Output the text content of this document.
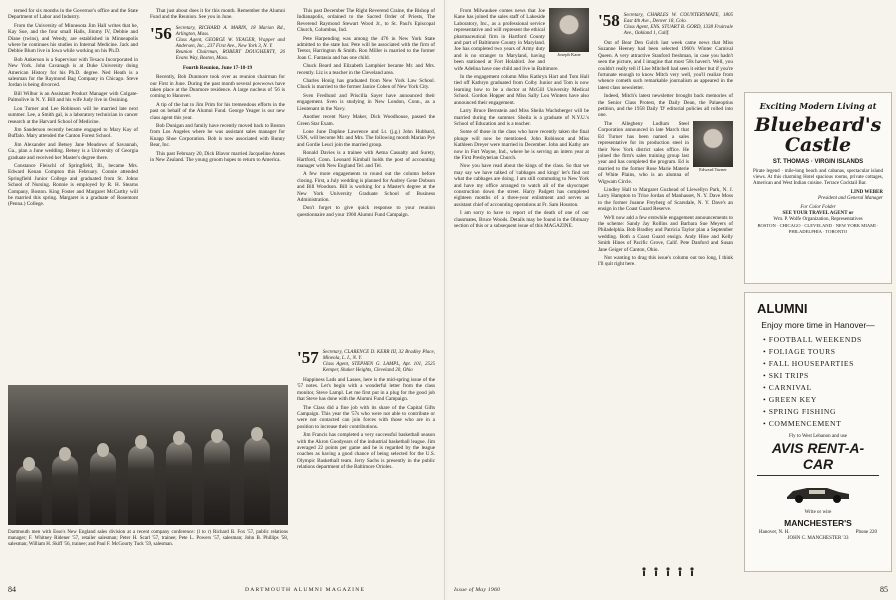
terned for six months in the Governor's office and the State Department of Labor and Industry.

From the University of Minnesota Jim Hall writes that he, Kay Sue, and the four small Halls, Jimmy IV, Debbie and Diane (twins), and Wendy, are established in Minneapolis where he continues his studies in Internal Medicine. Jack and Debbie Blum live in Iowa while working on his Ph.D.

Bob Ankerson is a Supervisor with Texaco Incorporated in New York. John Cavanagh is at Duke University doing American History for his Ph.D. degree. Ned Heath is a salesman for the Raymond Bag Company in Chicago. Steve Jordan is being divorced.

Bill Wilbur is an Assistant Product Manager with Colgate-Palmolive in N. Y. Bill and his wife Judy live in Ossining.

Lou Turner and Lee Robinson will be married late next summer. Lee, a Smith gal, is a laboratory technician in cancer research at the Harvard School of Medicine.

Jim Sanderson recently became engaged to Mary Kay of Buffalo. Mary attended the Canton Forest School.

Jim Alexander and Betsey Jane Meadows of Savannah, Ga., plan a June wedding. Betsey is a University of Georgia graduate and received her Master's degree there.

Constance Fleischl of Springfield, Ill., became Mrs. Edward Kenan Compton this February. Connie attended Springfield Junior College and graduated from St. Johns School of Nursing. Ronnie is employed by R. H. Stearns Company, Boston. King Foster and Margaret McCarthy will be married this spring. Margaret is a graduate of Rosemont (Penna.) College.

That just about does it for this month. Remember the Alumni Fund and the Reunion. See you in June.

'56 Secretary, RICHARD A. MARIN, 18 Marion Rd., Arlington, Mass.
Class Agent, GEORGE W. YEAGER, Vrapper and Andersen, Inc., 237 First Ave., New York 3, N. Y.
Reunion Chairman, ROBERT DOUGHERTY, 26 Evans Way, Boston, Mass.
Fourth Reunion, June 17-18-19

Recently, Bob Dunmore took over as reunion chairman for our First in June. During the past month several powwows have taken place at the Dunmore residence. A large nucleus of '56 is coming to Hanover.

A tip of the hat to Jim Prim for his tremendous efforts in the past on behalf of the Alumni Fund. George Yeager is our new class agent this year.

Bob Dunigan and family have recently moved back to Boston from Los Angeles where he was assistant sales manager for Knapp Shoe Corporation. Bob is now associated with Bunny Bear, Inc.

This past February 20, Dick Blavor married Jacqueline Annes in New Zealand. The young groom hopes to return to America.

This past December The Right Reverend Craine, the Bishop of Indianapolis, ordained to the Sacred Order of Priests, The Reverend Raymond Stewart Wood Jr., to St. Paul's Episcopal Church, Columbus, Ind.

Pete Harpending was among the 476 in New York State admitted to the state bar. Pete will be associated with the firm of Teetor, Harrington & Smith. Ron Miller is married to the former Joan C. Fantasia and has one child.

Chuck Beard and Elizabeth Lamphier became Mr. and Mrs. recently. Liz is a teacher in the Cleveland area.

Charles Honig has graduated from New York Law School. Chuck is married to the former Janice Cohen of New York City.

Sven Fredlund and Priscilla Sayer have announced their engagement. Sven is studying in New London, Conn., as a Lieutenant in the Navy.

Another recent Navy Maker, Dick Woodhouse, passed the Green Star Exam.

Lone June Daphne Lawrence and Lt. (j.g.) John Hubbard, USN, will become Mr. and Mrs. The following month Marian Pye and Gordie Leuci join the married group.

Ronald Davies is a trainee with Aetna Casualty and Surety, Hartford, Conn. Leonard Kimball holds the post of accounting manager with New England Tel. and Tel.

A few more engagements to round out the column before closing. First, a July wedding is planned for Audrey Gene Dobson and Bill Woodson. Bill is working for a Master's degree at the New York University Graduate School of Business Administration.

Don't forget to give quick response to your reunion questionnaire and your 1960 Alumni Fund Campaign.

'57 Secretary, CLARENCE D. KERR III, 32 Bradley Place, Mineola, L. I., N. Y.
Class Agent, STEPHEN G. LAMPL, Apt. 101, 2525 Kemper, Shaker Heights, Cleveland 20, Ohio

Happiness Lads and Lasses, here is the mid-spring issue of the '57 notes. Let's begin with a wonderful letter from the class monitor, Steve Lampl. Let me first put in a plug for the good job that Steve has done with the Alumni Fund Campaign.

The Class did a fine job with its share of the Capital Gifts Campaign. This year the '57s who were not able to contribute or were not contacted can join forces with those who are in a position to increase their contributions.

Jim Francis has completed a very successful basketball season with the Akron Goodyears of the industrial basketball league. Jim averaged 22 points per game and he is regarded by the league coaches as having a good chance of being selected for the U.S. Olympic Basketball team. Jerry Sachs is presently in the public relations department of the Baltimore Orioles.

Dartmouth men with Esso's New England sales division at a recent company conference: (l to r) Richard B. Fox '57, public relations manager; F. Whitney Ridener '57, retailer salesman; Peter H. Scarl '57, trainee; Pete L. Powers '57, salesman; John B. Phillips '58, salesman; William H. Skiff '56, trainee; and Paul F. McGourty Tuck '59, salesman.
84	DARTMOUTH ALUMNI MAGAZINE
Joseph Kane

From Milwaukee comes news that Joe Kane has joined the sales staff of Lakeside Laboratory, Inc., as a professional service representative and will represent the ethical pharmaceutical firm in Hartford County and part of Baltimore County in Maryland. Joe has completed two years of Army duty and is no stranger to Maryland, having been stationed at Fort Holabird. Joe and wife Adelina have one child and live in Baltimore.

In the engagement column Miss Kathryn Hart and Tom Hall tied off Kathryn graduated from Colby Junior and Tom is now learning how to be a doctor at McGill University Medical School. Gordon Hopper and Miss Sally Lou Winters have also announced their engagement.

Larry Bruce Bernstein and Miss Sheila Wachsberger will be married during the summer. Sheila is a graduate of N.Y.U.'s School of Education and is a teacher.

Some of those in the class who have recently taken the final plunge will now be mentioned. John Robinson and Miss Kathleen Dreyer were married in December. John and Kathy are now in Fort Wayne, Ind., where he is serving an intern year at the First Presbyterian Church.

Now you have read about the kings of the class. So that we may say we have talked of 'cabbages and kings' let's find out what the cabbages are doing. I am still commuting to New York and have my office arranged to watch all of the skyscraper construction down the street. Harry Padgett has completed eighteen months of a three-year enlistment and serves as assistant chief of accounting operations at Ft. Sam Houston.

I am sorry to have to report of the death of one of our classmates, Bruce Woods. Details may be found in the Obituary section of this or a subsequent issue of this MAGAZINE.

'58 Secretary, CHARLES W. COUNTERYMATE, 1805 East 4th Ave., Denver 18, Colo.
Class Agent, ENS. STUART B. GORD, 1338 Fruitvale Ave., Oakland 1, Calif.

Out of Bear Den Gulch last week came news that Miss Suzanne Heeney had been selected 1960's Winter Carnival Queen. A very attractive Stanford freshman, in case you hadn't seen the picture, and I imagine that most '58s haven't. Well, you couldn't really tell if Lise Mitchell had seen it either but if you're fortunate enough to know Mitch very well, you'll realize from whence cometh such remarkable journalism as appeared in the latest class newsletter.

Indeed, Mitch's latest newsletter brought back memories of the Senior Class Protest, the Daily Dean, the Palaeoptius petition, and the 1958 Daily 'D' editorial policies all rolled into one.

Edward Turner

The Allegheny Ludlum Steel Corporation announced in late March that Ed Turner has been named a sales representative for its production steel in their New York district sales office. He joined the firm's sales training group last year and has completed the program. Ed is married to the former Rose Marie Materie of White Plains, who is an alumna of Wigwam Circle.

Lindley Hall to Margaret Gozhead of Llewellyn Park, N. J. Larry Hampton to Trixe Jordan of Manhasset, N. Y. Dave Moss to the former Joanne Freyberg of Scarsdale, N. Y. Dave's an ensign in the Coast Guard Reserve.

We'll now add a few erstwhile engagement announcements to the scheme: Sandy Jay Rollins and Barbara Sue Meyers of Philadelphia. Bob Bradley and Patricia Taylor plan a September wedding. Both a Coast Guard ensign. Andy Hine and Kelly Smith Hines of Pacific Grove, Calif. Pete Danford and Susan Jane Geiger of Canton, Ohio.

Not wanting to drag this issue's column out too long, I think I'll quit right here.

Exciting Modern Living at
Bluebeard's
Castle
ST. THOMAS · VIRGIN ISLANDS
Pirate legend · mile-long beach and cabanas, spectacular island views. At this charming Hotel spacious rooms, private cottages, American and West Indian cuisine. Terrace Cocktail Bar.
LIND WEBER
President and General Manager
For Color Folder
SEE YOUR TRAVEL AGENT or
Wm. P. Wolfe Organization, Representatives
BOSTON · CHICAGO · CLEVELAND · NEW YORK MIAMI · PHILADELPHIA · TORONTO
ALUMNI
Enjoy more time in Hanover—
• FOOTBALL WEEKENDS
• FOLIAGE TOURS
• FALL HOUSEPARTIES
• SKI TRIPS
• CARNIVAL
• GREEN KEY
• SPRING FISHING
• COMMENCEMENT
Fly to West Lebanon and use
AVIS RENT-A-CAR
Write or wire
MANCHESTER'S
Hanover, N. H.	Phone 220
JOHN C. MANCHESTER '33
Issue of May 1960	85
